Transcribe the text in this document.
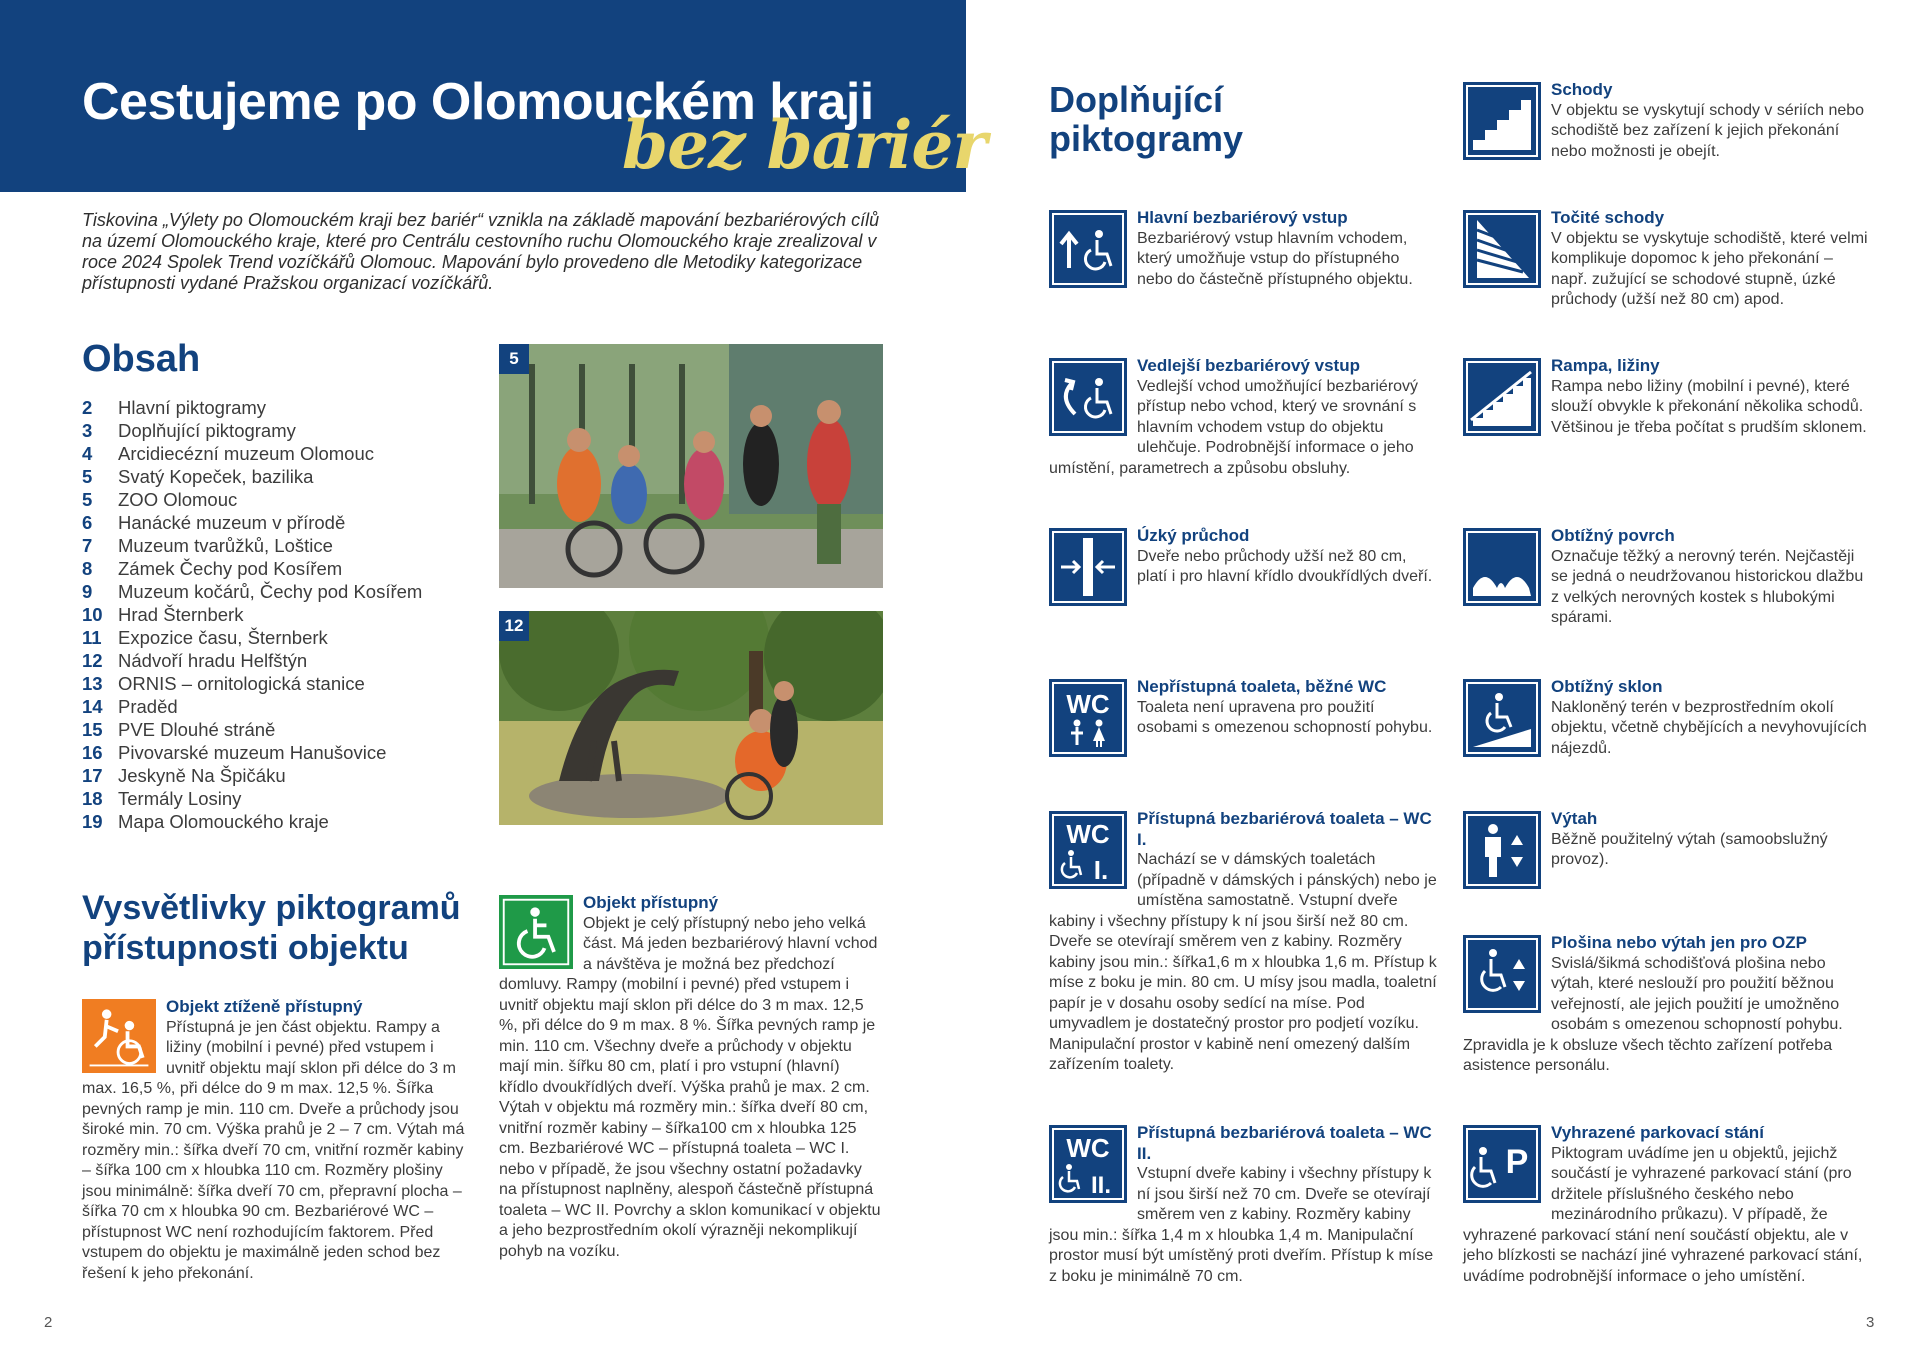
Cestujeme po Olomouckém kraji
bez bariér

Tiskovina „Výlety po Olomouckém kraji bez bariér“ vznikla na základě mapování bezbariérových cílů na území Olomouckého kraje, které pro Centrálu cestovního ruchu Olomouckého kraje zrealizoval v roce 2024 Spolek Trend vozíčkářů Olomouc. Mapování bylo provedeno dle Metodiky kategorizace přístupnosti vydané Pražskou organizací vozíčkářů.

Obsah
2	Hlavní piktogramy
3	Doplňující piktogramy
4	Arcidiecézní muzeum Olomouc
5	Svatý Kopeček, bazilika
5	ZOO Olomouc
6	Hanácké muzeum v přírodě
7	Muzeum tvarůžků, Loštice
8	Zámek Čechy pod Kosířem
9	Muzeum kočárů, Čechy pod Kosířem
10 Hrad Šternberk
11 Expozice času, Šternberk
12 Nádvoří hradu Helfštýn
13 ORNIS – ornitologická stanice
14 Praděd
15 PVE Dlouhé stráně
16 Pivovarské muzeum Hanušovice
17 Jeskyně Na Špičáku
18 Termály Losiny
19 Mapa Olomouckého kraje
5
12
Vysvětlivky piktogramů přístupnosti objektu
Objekt ztíženě přístupný
Přístupná je jen část objektu. Rampy a ližiny (mobilní i pevné) před vstupem i uvnitř objektu mají sklon při délce do 3 m max. 16,5 %, při délce do 9 m max. 12,5 %. Šířka pevných ramp je min. 110 cm. Dveře a průchody jsou široké min. 70 cm. Výška prahů je 2 – 7 cm. Výtah má rozměry min.: šířka dveří 70 cm, vnitřní rozměr kabiny – šířka 100 cm x hloubka 110 cm. Rozměry plošiny jsou minimálně: šířka dveří 70 cm, přepravní plocha – šířka 70 cm x hloubka 90 cm. Bezbariérové WC – přístupnost WC není rozhodujícím faktorem. Před vstupem do objektu je maximálně jeden schod bez řešení k jeho překonání.
Objekt přístupný
Objekt je celý přístupný nebo jeho velká část. Má jeden bezbariérový hlavní vchod a návštěva je možná bez předchozí domluvy. Rampy (mobilní i pevné) před vstupem i uvnitř objektu mají sklon při délce do 3 m max. 12,5 %, při délce do 9 m max. 8 %. Šířka pevných ramp je min. 110 cm. Všechny dveře a průchody v objektu mají min. šířku 80 cm, platí i pro vstupní (hlavní) křídlo dvoukřídlých dveří. Výška prahů je max. 2 cm. Výtah v objektu má rozměry min.: šířka dveří 80 cm, vnitřní rozměr kabiny – šířka100 cm x hloubka 125 cm. Bezbariérové WC – přístupná toaleta – WC I. nebo v případě, že jsou všechny ostatní požadavky na přístupnost naplněny, alespoň částečně přístupná toaleta – WC II. Povrchy a sklon komunikací v objektu a jeho bezprostředním okolí výrazněji nekomplikují pohyb na vozíku.
2
Doplňující piktogramy
Hlavní bezbariérový vstup
Bezbariérový vstup hlavním vchodem, který umožňuje vstup do přístupného nebo do částečně přístupného objektu.
Vedlejší bezbariérový vstup
Vedlejší vchod umožňující bezbariérový přístup nebo vchod, který ve srovnání s hlavním vchodem vstup do objektu ulehčuje. Podrobnější informace o jeho umístění, parametrech a způsobu obsluhy.
Úzký průchod
Dveře nebo průchody užší než 80 cm, platí i pro hlavní křídlo dvoukřídlých dveří.
WC
Nepřístupná toaleta, běžné WC
Toaleta není upravena pro použití osobami s omezenou schopností pohybu.
WC
I.
Přístupná bezbariérová toaleta – WC I.
Nachází se v dámských toaletách (případně v dámských i pánských) nebo je umístěna samostatně. Vstupní dveře kabiny i všechny přístupy k ní jsou širší než 80 cm. Dveře se otevírají směrem ven z kabiny. Rozměry kabiny jsou min.: šířka1,6 m x hloubka 1,6 m. Přístup k míse z boku je min. 80 cm. U mísy jsou madla, toaletní papír je v dosahu osoby sedící na míse. Pod umyvadlem je dostatečný prostor pro podjetí vozíku. Manipulační prostor v kabině není omezený dalším zařízením toalety.
WC
II.
Přístupná bezbariérová toaleta – WC II.
Vstupní dveře kabiny i všechny přístupy k ní jsou širší než 70 cm. Dveře se otevírají směrem ven z kabiny. Rozměry kabiny jsou min.: šířka 1,4 m x hloubka 1,4 m. Manipulační prostor musí být umístěný proti dveřím. Přístup k míse z boku je minimálně 70 cm.
Schody
V objektu se vyskytují schody v sériích nebo schodiště bez zařízení k jejich překonání nebo možnosti je obejít.
Točité schody
V objektu se vyskytuje schodiště, které velmi komplikuje dopomoc k jeho překonání – např. zužující se schodové stupně, úzké průchody (užší než 80 cm) apod.
Rampa, ližiny
Rampa nebo ližiny (mobilní i pevné), které slouží obvykle k překonání několika schodů. Většinou je třeba počítat s prudším sklonem.
Obtížný povrch
Označuje těžký a nerovný terén. Nejčastěji se jedná o neudržovanou historickou dlažbu z velkých nerovných kostek s hlubokými spárami.
Obtížný sklon
Nakloněný terén v bezprostředním okolí objektu, včetně chybějících a nevyhovujících nájezdů.
Výtah
Běžně použitelný výtah (samoobslužný provoz).
Plošina nebo výtah jen pro OZP
Svislá/šikmá schodišťová plošina nebo výtah, které neslouží pro použití běžnou veřejností, ale jejich použití je umožněno osobám s omezenou schopností pohybu. Zpravidla je k obsluze všech těchto zařízení potřeba asistence personálu.
P
Vyhrazené parkovací stání
Piktogram uvádíme jen u objektů, jejichž součástí je vyhrazené parkovací stání (pro držitele příslušného českého nebo mezinárodního průkazu). V případě, že vyhrazené parkovací stání není součástí objektu, ale v jeho blízkosti se nachází jiné vyhrazené parkovací stání, uvádíme podrobnější informace o jeho umístění.
3
